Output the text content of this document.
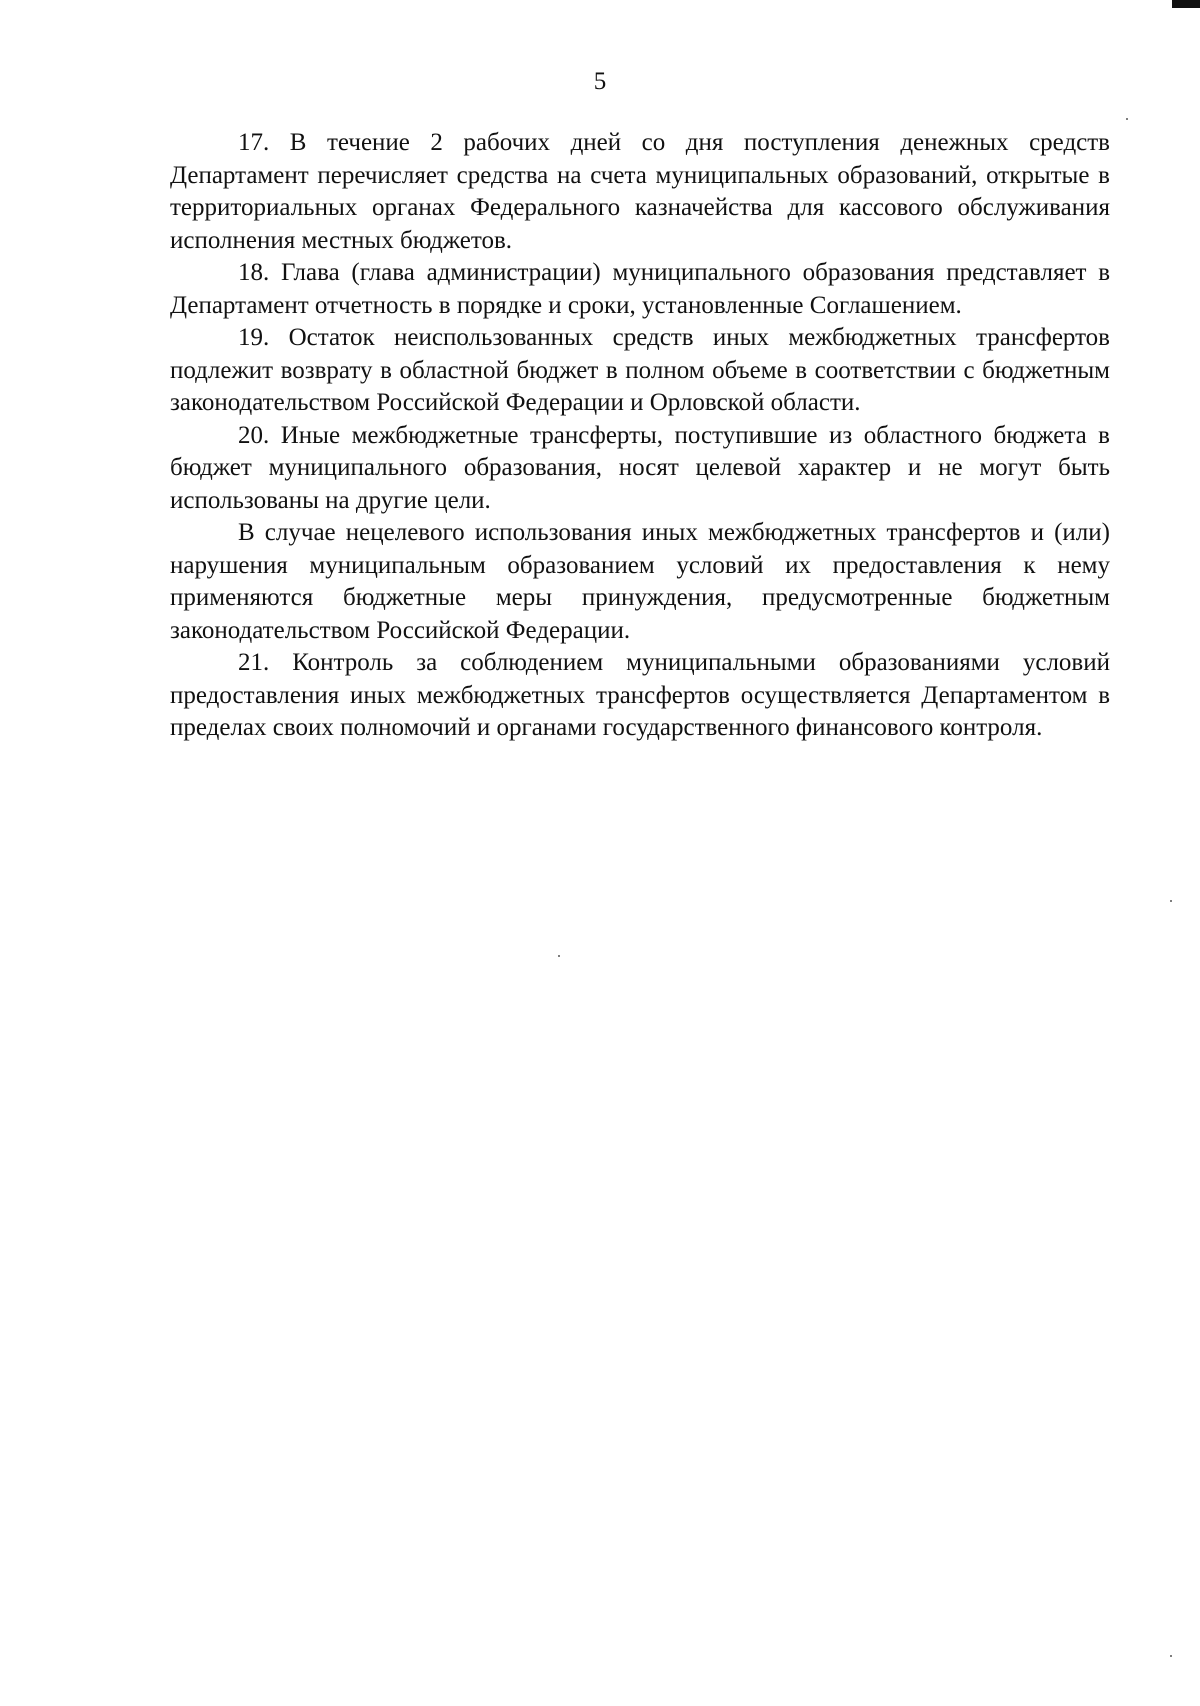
5

17. В течение 2 рабочих дней со дня поступления денежных средств Департамент перечисляет средства на счета муниципальных образований, открытые в территориальных органах Федерального казначейства для кассового обслуживания исполнения местных бюджетов.

18. Глава (глава администрации) муниципального образования представляет в Департамент отчетность в порядке и сроки, установленные Соглашением.

19. Остаток неиспользованных средств иных межбюджетных трансфертов подлежит возврату в областной бюджет в полном объеме в соответствии с бюджетным законодательством Российской Федерации и Орловской области.

20. Иные межбюджетные трансферты, поступившие из областного бюджета в бюджет муниципального образования, носят целевой характер и не могут быть использованы на другие цели.

В случае нецелевого использования иных межбюджетных трансфертов и (или) нарушения муниципальным образованием условий их предоставления к нему применяются бюджетные меры принуждения, предусмотренные бюджетным законодательством Российской Федерации.

21. Контроль за соблюдением муниципальными образованиями условий предоставления иных межбюджетных трансфертов осуществляется Департаментом в пределах своих полномочий и органами государственного финансового контроля.
